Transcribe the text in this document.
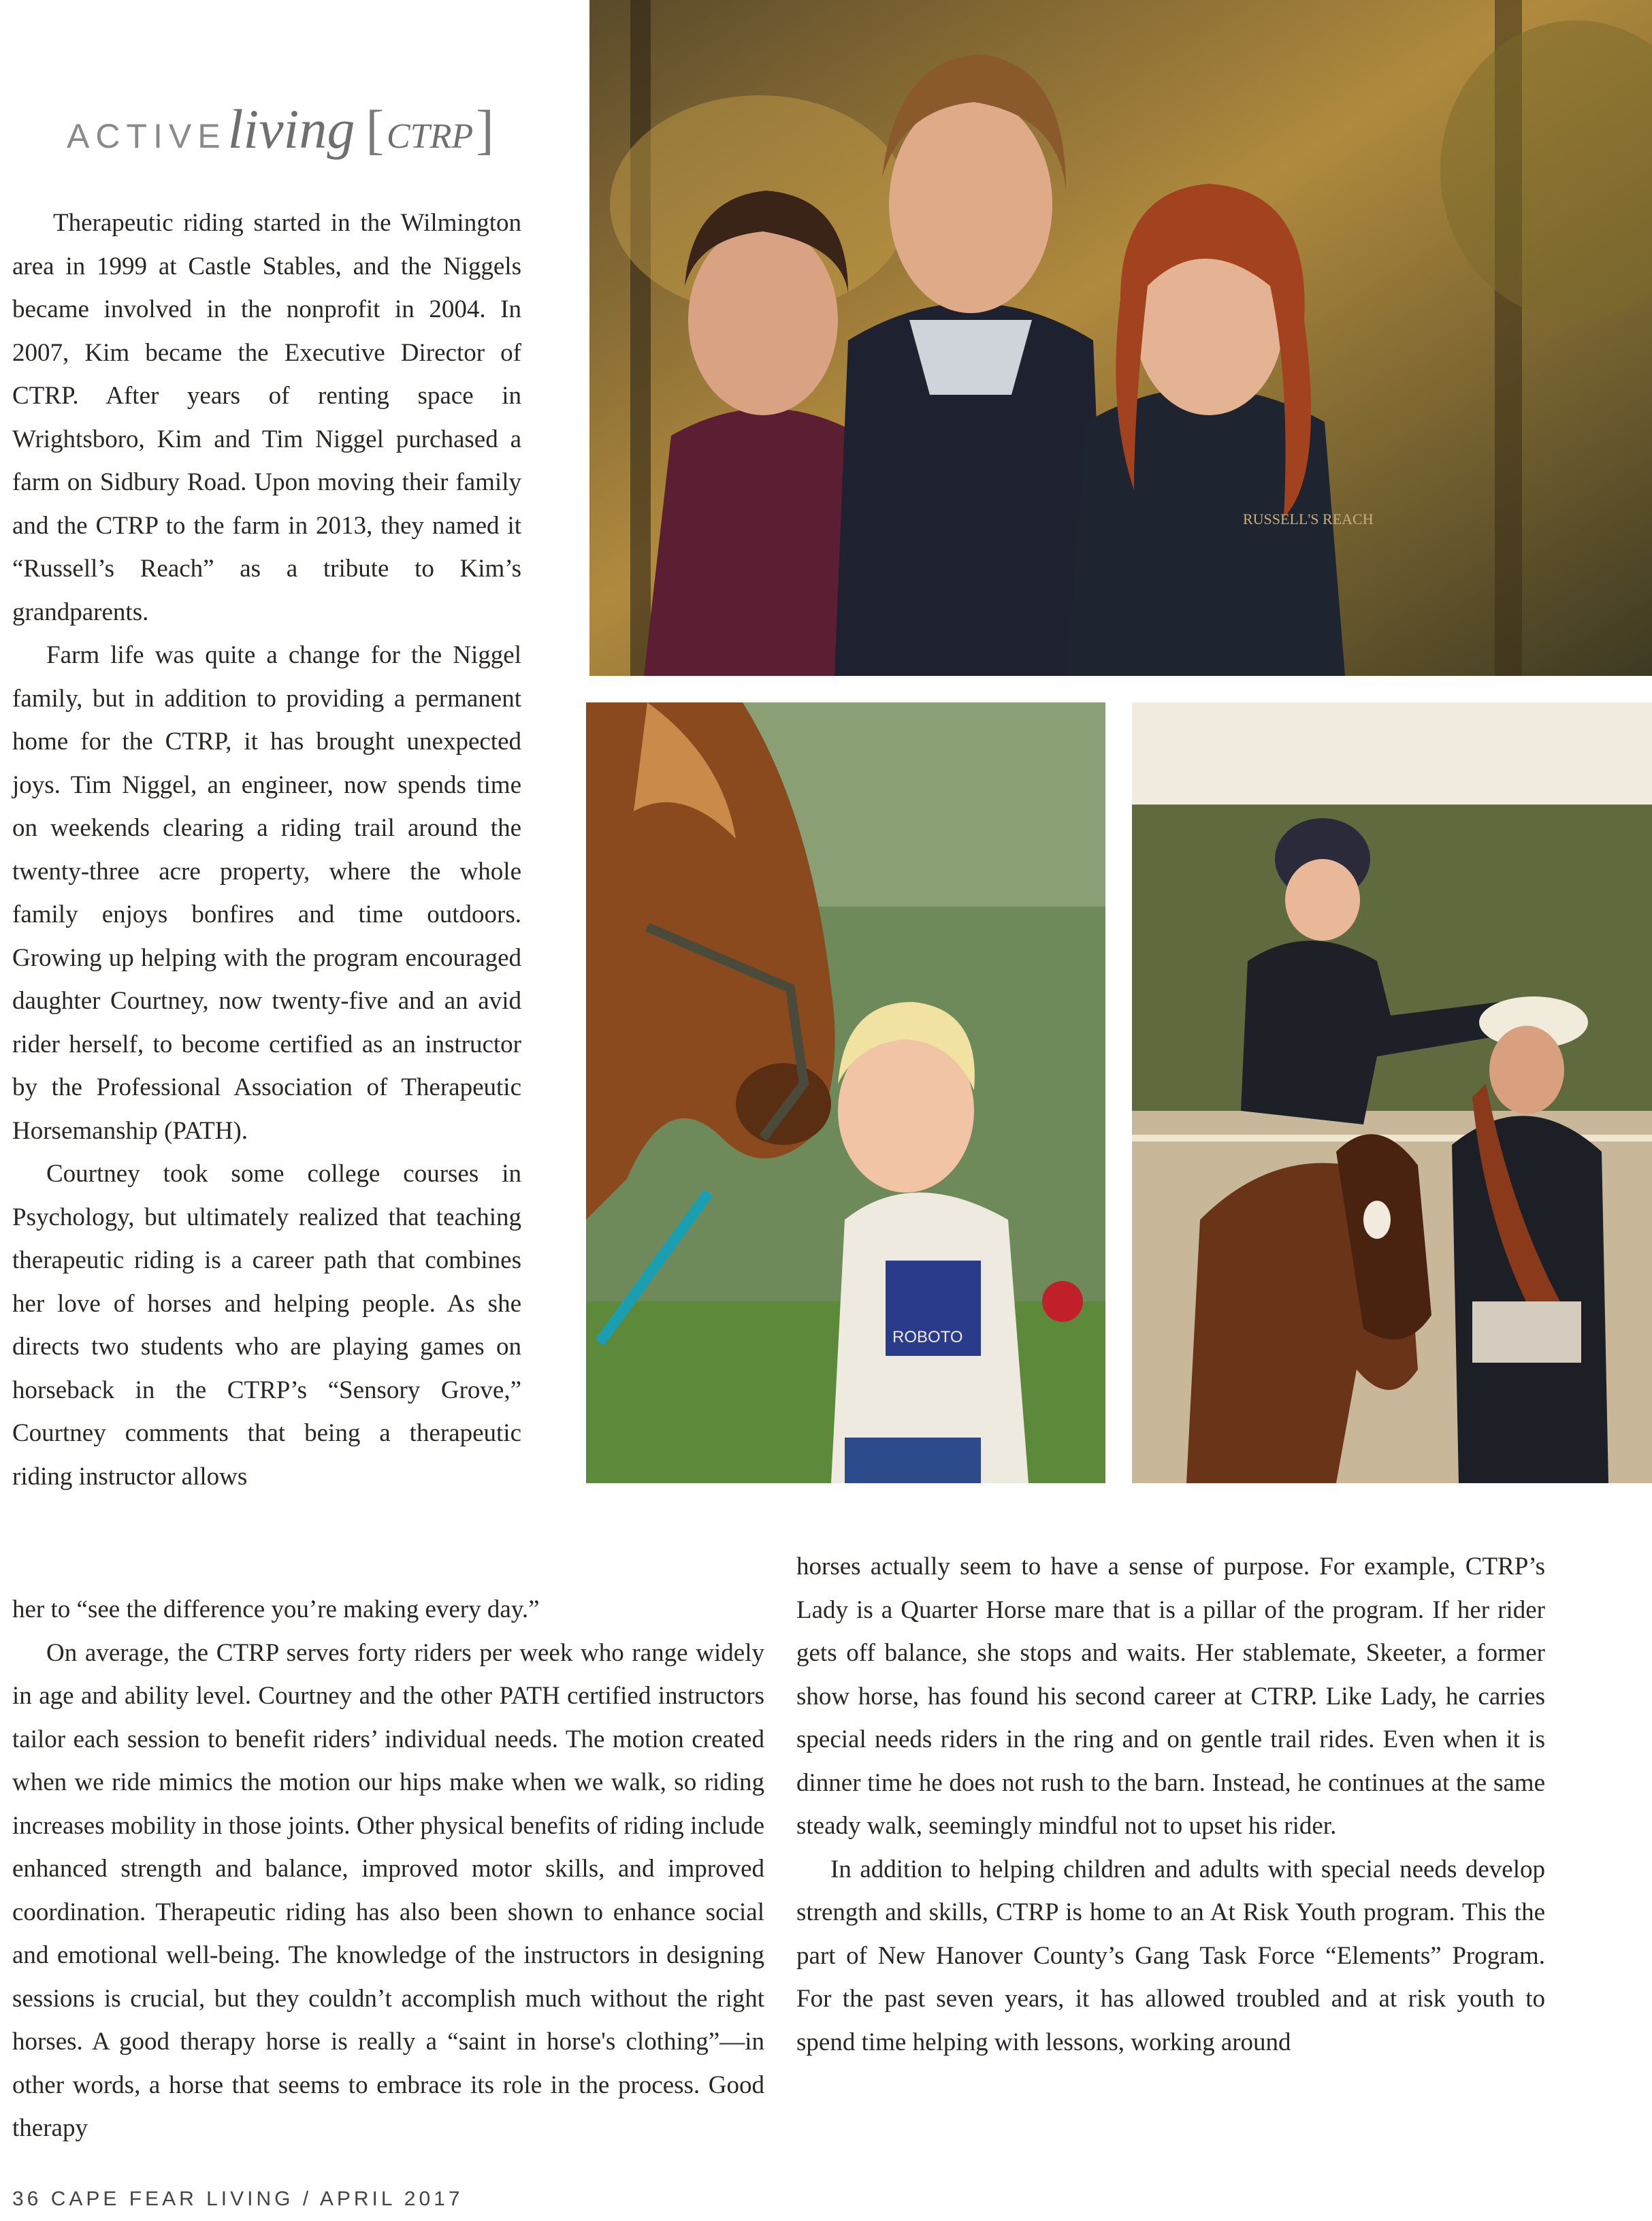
ACTIVEliving [CTRP]

Therapeutic riding started in the Wilmington area in 1999 at Castle Stables, and the Niggels became involved in the nonprofit in 2004. In 2007, Kim became the Executive Director of CTRP. After years of renting space in Wrightsboro, Kim and Tim Niggel purchased a farm on Sidbury Road. Upon moving their family and the CTRP to the farm in 2013, they named it “Russell’s Reach” as a tribute to Kim’s grandparents.

Farm life was quite a change for the Niggel family, but in addition to providing a permanent home for the CTRP, it has brought unexpected joys. Tim Niggel, an engineer, now spends time on weekends clearing a riding trail around the twenty-three acre property, where the whole family enjoys bonfires and time outdoors. Growing up helping with the program encouraged daughter Courtney, now twenty-five and an avid rider herself, to become certified as an instructor by the Professional Association of Therapeutic Horsemanship (PATH).

Courtney took some college courses in Psychology, but ultimately realized that teaching therapeutic riding is a career path that combines her love of horses and helping people. As she directs two students who are playing games on horseback in the CTRP’s “Sensory Grove,” Courtney comments that being a therapeutic riding instructor allows

her to “see the difference you’re making every day.”

On average, the CTRP serves forty riders per week who range widely in age and ability level. Courtney and the other PATH certified instructors tailor each session to benefit riders’ individual needs. The motion created when we ride mimics the motion our hips make when we walk, so riding increases mobility in those joints. Other physical benefits of riding include enhanced strength and balance, improved motor skills, and improved coordination. Therapeutic riding has also been shown to enhance social and emotional well-being. The knowledge of the instructors in designing sessions is crucial, but they couldn’t accomplish much without the right horses. A good therapy horse is really a “saint in horse's clothing”—in other words, a horse that seems to embrace its role in the process. Good therapy

horses actually seem to have a sense of purpose. For example, CTRP’s Lady is a Quarter Horse mare that is a pillar of the program. If her rider gets off balance, she stops and waits. Her stablemate, Skeeter, a former show horse, has found his second career at CTRP. Like Lady, he carries special needs riders in the ring and on gentle trail rides. Even when it is dinner time he does not rush to the barn. Instead, he continues at the same steady walk, seemingly mindful not to upset his rider.

In addition to helping children and adults with special needs develop strength and skills, CTRP is home to an At Risk Youth program. This the part of New Hanover County’s Gang Task Force “Elements” Program. For the past seven years, it has allowed troubled and at risk youth to spend time helping with lessons, working around

RUSSELL'S REACH
ROBOTO
36 CAPE FEAR LIVING / APRIL 2017
